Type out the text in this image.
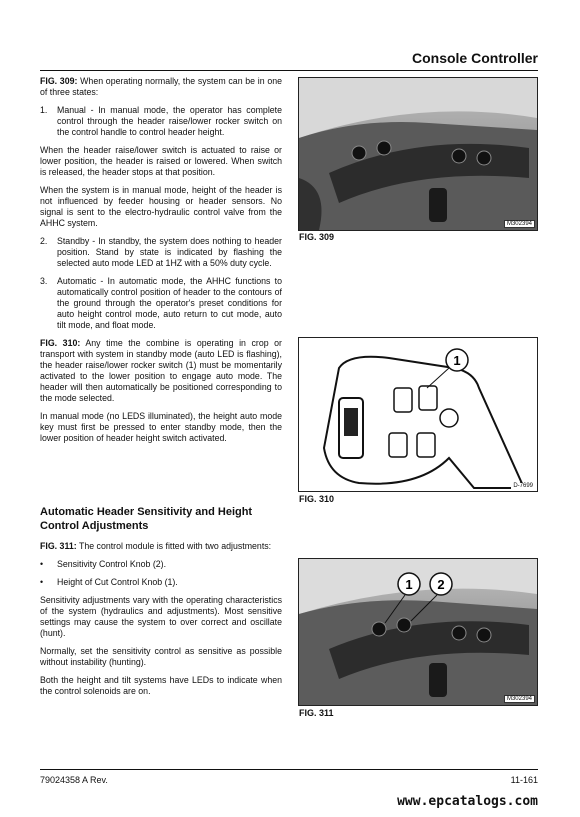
Console Controller

FIG. 309: When operating normally, the system can be in one of three states:

1.	Manual - In manual mode, the operator has complete control through the header raise/lower rocker switch on the control handle to control header height.

When the header raise/lower switch is actuated to raise or lower position, the header is raised or lowered. When switch is released, the header stops at that position.

When the system is in manual mode, height of the header is not influenced by feeder housing or header sensors. No signal is sent to the electro-hydraulic control valve from the AHHC system.

2.	Standby - In standby, the system does nothing to header position. Stand by state is indicated by flashing the selected auto mode LED at 1HZ with a 50% duty cycle.
3.	Automatic - In automatic mode, the AHHC functions to automatically control position of header to the contours of the ground through the operator's preset conditions for auto height control mode, auto return to cut mode, auto tilt mode, and float mode.

FIG. 310: Any time the combine is operating in crop or transport with system in standby mode (auto LED is flashing), the header raise/lower rocker switch (1) must be momentarily activated to the lower position to engage auto mode. The header will then automatically be positioned corresponding to the mode selected.

In manual mode (no LEDS illuminated), the height auto mode key must first be pressed to enter standby mode, then the lower position of header height switch activated.

Automatic Header Sensitivity and Height Control Adjustments

FIG. 311: The control module is fitted with two adjustments:

•	Sensitivity Control Knob (2).
•	Height of Cut Control Knob (1).

Sensitivity adjustments vary with the operating characteristics of the system (hydraulics and adjustments). Most sensitive settings may cause the system to over correct and oscillate (hunt).

Normally, set the sensitivity control as sensitive as possible without instability (hunting).

Both the height and tilt systems have LEDs to indicate when the control solenoids are on.

M302394
FIG. 309
1
D-7699
FIG. 310
1 2
M302394
FIG. 311
79024358 A Rev.	11-161
www.epcatalogs.com
